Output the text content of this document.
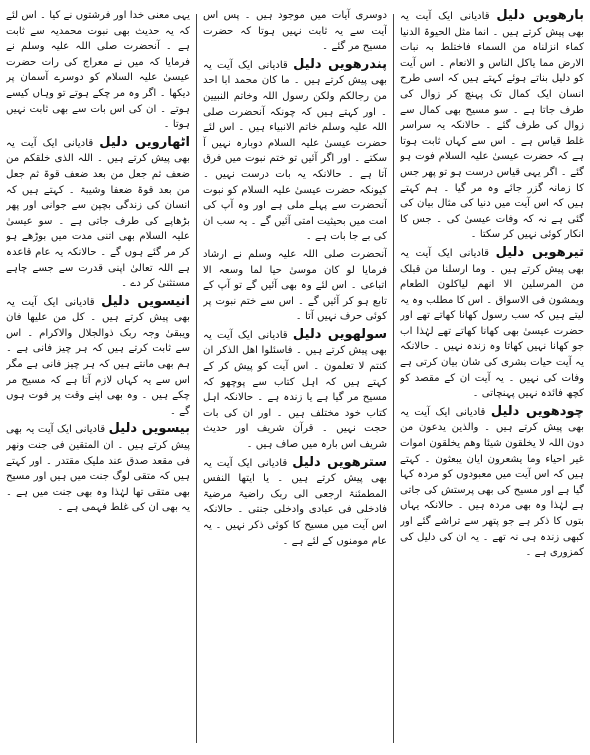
بارھویں دلیل قادیانی ایک آیت یہ بھی پیش کرتے ہیں ۔ انما مثل الحیوۃ الدنیا کماء انزلناہ من السماء فاختلط بہ نبات الارض مما یاکل الناس و الانعام ۔ اس آیت کو دلیل بناتے ہوئے کہتے ہیں کہ اسی طرح انسان ایک کمال تک پہنچ کر زوال کی طرف جاتا ہے ۔ سو مسیح بھی کمال سے زوال کی طرف گئے ۔ حالانکہ یہ سراسر غلط قیاس ہے ۔ اس سے کہاں ثابت ہوتا ہے کہ حضرت عیسیٰ علیہ السلام فوت ہو گئے ۔ اگر یہی قیاس درست ہو تو پھر جس کا زمانہ گزر جائے وہ مر گیا ۔ ہم کہتے ہیں کہ اس آیت میں دنیا کی مثال بیان کی گئی ہے نہ کہ وفات عیسیٰ کی ۔ جس کا انکار کوئی نہیں کر سکتا ۔

تیرھویں دلیل قادیانی ایک آیت یہ بھی پیش کرتے ہیں ۔ وما ارسلنا من قبلک من المرسلین الا انھم لیاکلون الطعام ویمشون فی الاسواق ۔ اس کا مطلب وہ یہ لیتے ہیں کہ سب رسول کھانا کھاتے تھے اور حضرت عیسیٰ بھی کھانا کھاتے تھے لہٰذا اب جو کھانا نہیں کھاتا وہ زندہ نہیں ۔ حالانکہ یہ آیت حیات بشری کی شان بیان کرتی ہے وفات کی نہیں ۔ یہ آیت ان کے مقصد کو کچھ فائدہ نہیں پہنچاتی ۔

چودھویں دلیل قادیانی ایک آیت یہ بھی پیش کرتے ہیں ۔ والذین یدعون من دون اللہ لا یخلقون شیئا وھم یخلقون اموات غیر احیاء وما یشعرون ایان یبعثون ۔ کہتے ہیں کہ اس آیت میں معبودوں کو مردہ کہا گیا ہے اور مسیح کی بھی پرستش کی جاتی ہے لہٰذا وہ بھی مردہ ہیں ۔ حالانکہ یہاں بتوں کا ذکر ہے جو پتھر سے تراشے گئے اور کبھی زندہ ہی نہ تھے ۔ یہ ان کی دلیل کی کمزوری ہے ۔

دوسری آیات میں موجود ہیں ۔ پس اس آیت سے یہ ثابت نہیں ہوتا کہ حضرت مسیح مر گئے ۔

پندرھویں دلیل قادیانی ایک آیت یہ بھی پیش کرتے ہیں ۔ ما کان محمد ابا احد من رجالکم ولکن رسول اللہ وخاتم النبیین ۔ اور کہتے ہیں کہ چونکہ آنحضرت صلی اللہ علیہ وسلم خاتم الانبیاء ہیں ۔ اس لئے حضرت عیسیٰ علیہ السلام دوبارہ نہیں آ سکتے ۔ اور اگر آئیں تو ختم نبوت میں فرق آتا ہے ۔ حالانکہ یہ بات درست نہیں ۔ کیونکہ حضرت عیسیٰ علیہ السلام کو نبوت آنحضرت سے پہلے ملی ہے اور وہ آپ کی امت میں بحیثیت امتی آئیں گے ۔ یہ سب ان کی بے جا بات ہے ۔

آنحضرت صلی اللہ علیہ وسلم نے ارشاد فرمایا لو کان موسیٰ حیا لما وسعہ الا اتباعی ۔ اس لئے وہ بھی آئیں گے تو آپ کے تابع ہو کر آئیں گے ۔ اس سے ختم نبوت پر کوئی حرف نہیں آتا ۔

سولھویں دلیل قادیانی ایک آیت یہ بھی پیش کرتے ہیں ۔ فاسئلوا اھل الذکر ان کنتم لا تعلمون ۔ اس آیت کو پیش کر کے کہتے ہیں کہ اہل کتاب سے پوچھو کہ مسیح مر گیا ہے یا زندہ ہے ۔ حالانکہ اہل کتاب خود مختلف ہیں ۔ اور ان کی بات حجت نہیں ۔ قرآن شریف اور حدیث شریف اس بارہ میں صاف ہیں ۔

سترھویں دلیل قادیانی ایک آیت یہ بھی پیش کرتے ہیں ۔ یا ایتھا النفس المطمئنۃ ارجعی الی ربک راضیۃ مرضیۃ فادخلی فی عبادی وادخلی جنتی ۔ حالانکہ اس آیت میں مسیح کا کوئی ذکر نہیں ۔ یہ عام مومنوں کے لئے ہے ۔

یہی معنی خدا اور فرشتوں نے کیا ۔ اس لئے کہ یہ حدیث بھی نبوت محمدیہ سے ثابت ہے ۔ آنحضرت صلی اللہ علیہ وسلم نے فرمایا کہ میں نے معراج کی رات حضرت عیسیٰ علیہ السلام کو دوسرے آسمان پر دیکھا ۔ اگر وہ مر چکے ہوتے تو وہاں کیسے ہوتے ۔ ان کی اس بات سے بھی ثابت نہیں ہوتا ۔

اٹھارویں دلیل قادیانی ایک آیت یہ بھی پیش کرتے ہیں ۔ اللہ الذی خلقکم من ضعف ثم جعل من بعد ضعف قوۃ ثم جعل من بعد قوۃ ضعفا وشیبۃ ۔ کہتے ہیں کہ انسان کی زندگی بچپن سے جوانی اور پھر بڑھاپے کی طرف جاتی ہے ۔ سو عیسیٰ علیہ السلام بھی اتنی مدت میں بوڑھے ہو کر مر گئے ہوں گے ۔ حالانکہ یہ عام قاعدہ ہے اللہ تعالیٰ اپنی قدرت سے جسے چاہے مستثنیٰ کر دے ۔

انیسویں دلیل قادیانی ایک آیت یہ بھی پیش کرتے ہیں ۔ کل من علیھا فان ویبقیٰ وجہ ربک ذوالجلال والاکرام ۔ اس سے ثابت کرتے ہیں کہ ہر چیز فانی ہے ۔ ہم بھی مانتے ہیں کہ ہر چیز فانی ہے مگر اس سے یہ کہاں لازم آتا ہے کہ مسیح مر چکے ہیں ۔ وہ بھی اپنے وقت پر فوت ہوں گے ۔

بیسویں دلیل قادیانی ایک آیت یہ بھی پیش کرتے ہیں ۔ ان المتقین فی جنت ونھر فی مقعد صدق عند ملیک مقتدر ۔ اور کہتے ہیں کہ متقی لوگ جنت میں ہیں اور مسیح بھی متقی تھا لہٰذا وہ بھی جنت میں ہے ۔ یہ بھی ان کی غلط فہمی ہے ۔
